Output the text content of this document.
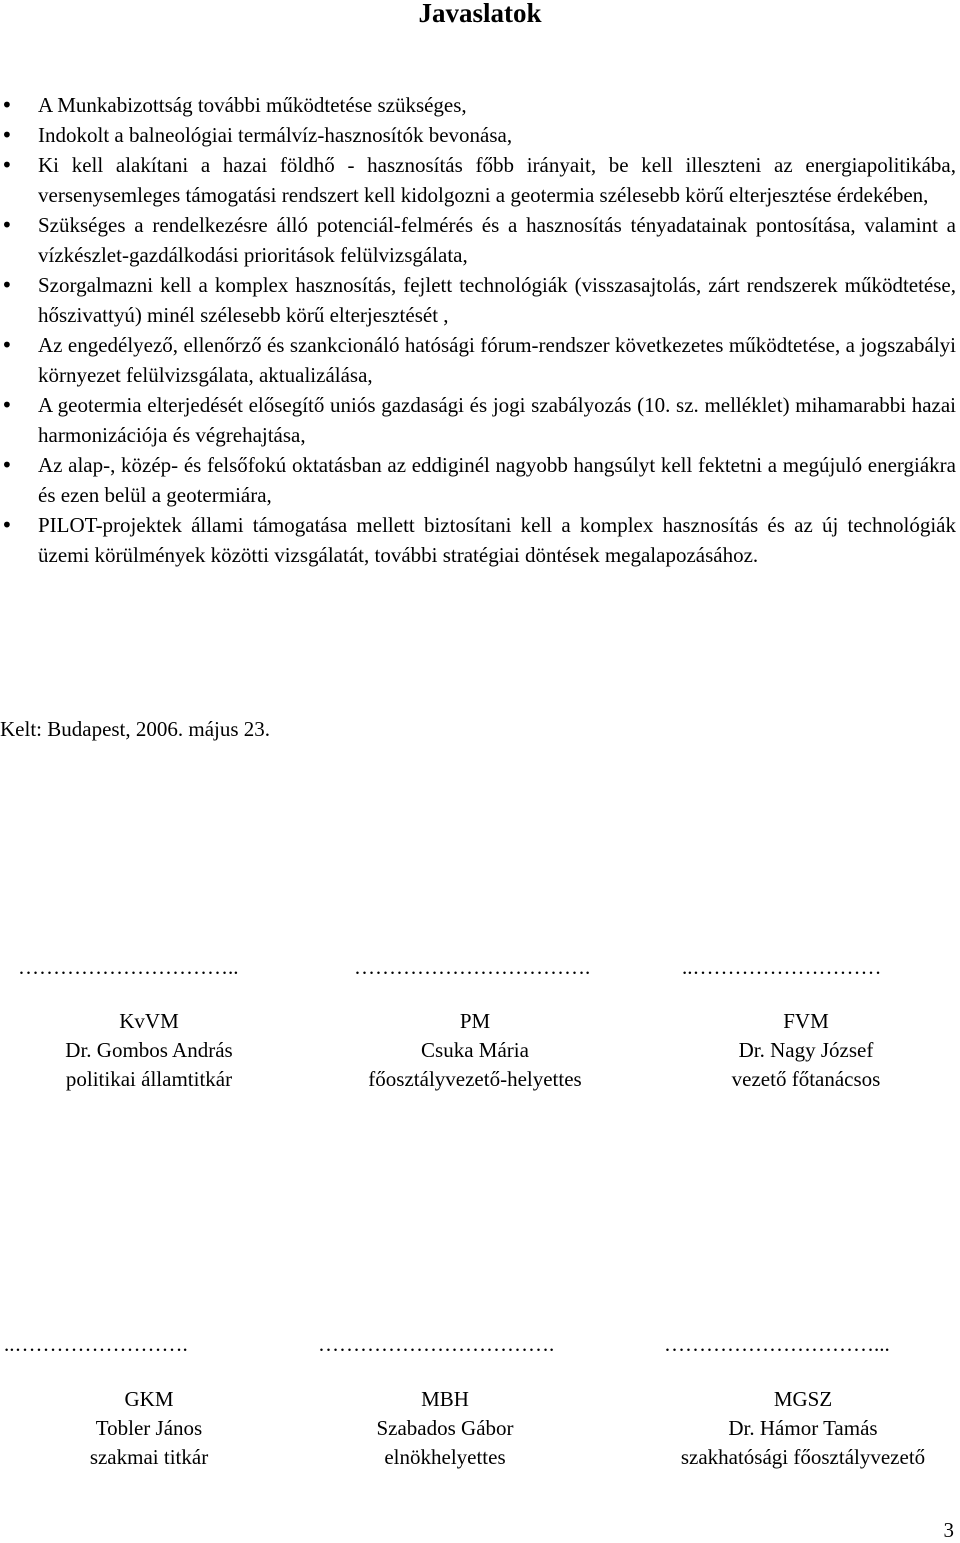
Javaslatok
• A Munkabizottság további működtetése szükséges,
• Indokolt a balneológiai termálvíz-hasznosítók bevonása,
• Ki kell alakítani a hazai földhő - hasznosítás főbb irányait, be kell illeszteni az energiapolitikába, versenysemleges támogatási rendszert kell kidolgozni a geotermia szélesebb körű elterjesztése érdekében,
• Szükséges a rendelkezésre álló potenciál-felmérés és a hasznosítás tényadatainak pontosítása, valamint a vízkészlet-gazdálkodási prioritások felülvizsgálata,
• Szorgalmazni kell a komplex hasznosítás, fejlett technológiák (visszasajtolás, zárt rendszerek működtetése, hőszivattyú) minél szélesebb körű elterjesztését ,
• Az engedélyező, ellenőrző és szankcionáló hatósági fórum-rendszer következetes működtetése, a jogszabályi környezet felülvizsgálata, aktualizálása,
• A geotermia elterjedését elősegítő uniós gazdasági és jogi szabályozás (10. sz. melléklet) mihamarabbi hazai harmonizációja és végrehajtása,
• Az alap-, közép- és felsőfokú oktatásban az eddiginél nagyobb hangsúlyt kell fektetni a megújuló energiákra és ezen belül a geotermiára,
• PILOT-projektek állami támogatása mellett biztosítani kell a komplex hasznosítás és az új technológiák üzemi körülmények közötti vizsgálatát, további stratégiai döntések megalapozásához.
Kelt: Budapest, 2006. május 23.
…………………………..	…………………………….	..………………………
KvVM
Dr. Gombos András
politikai államtitkár
PM
Csuka Mária
főosztályvezető-helyettes
FVM
Dr. Nagy József
vezető főtanácsos
..…………………….	…………………………….	…………………………...
GKM
Tobler János
szakmai titkár
MBH
Szabados Gábor
elnökhelyettes
MGSZ
Dr. Hámor Tamás
szakhatósági főosztályvezető
3
